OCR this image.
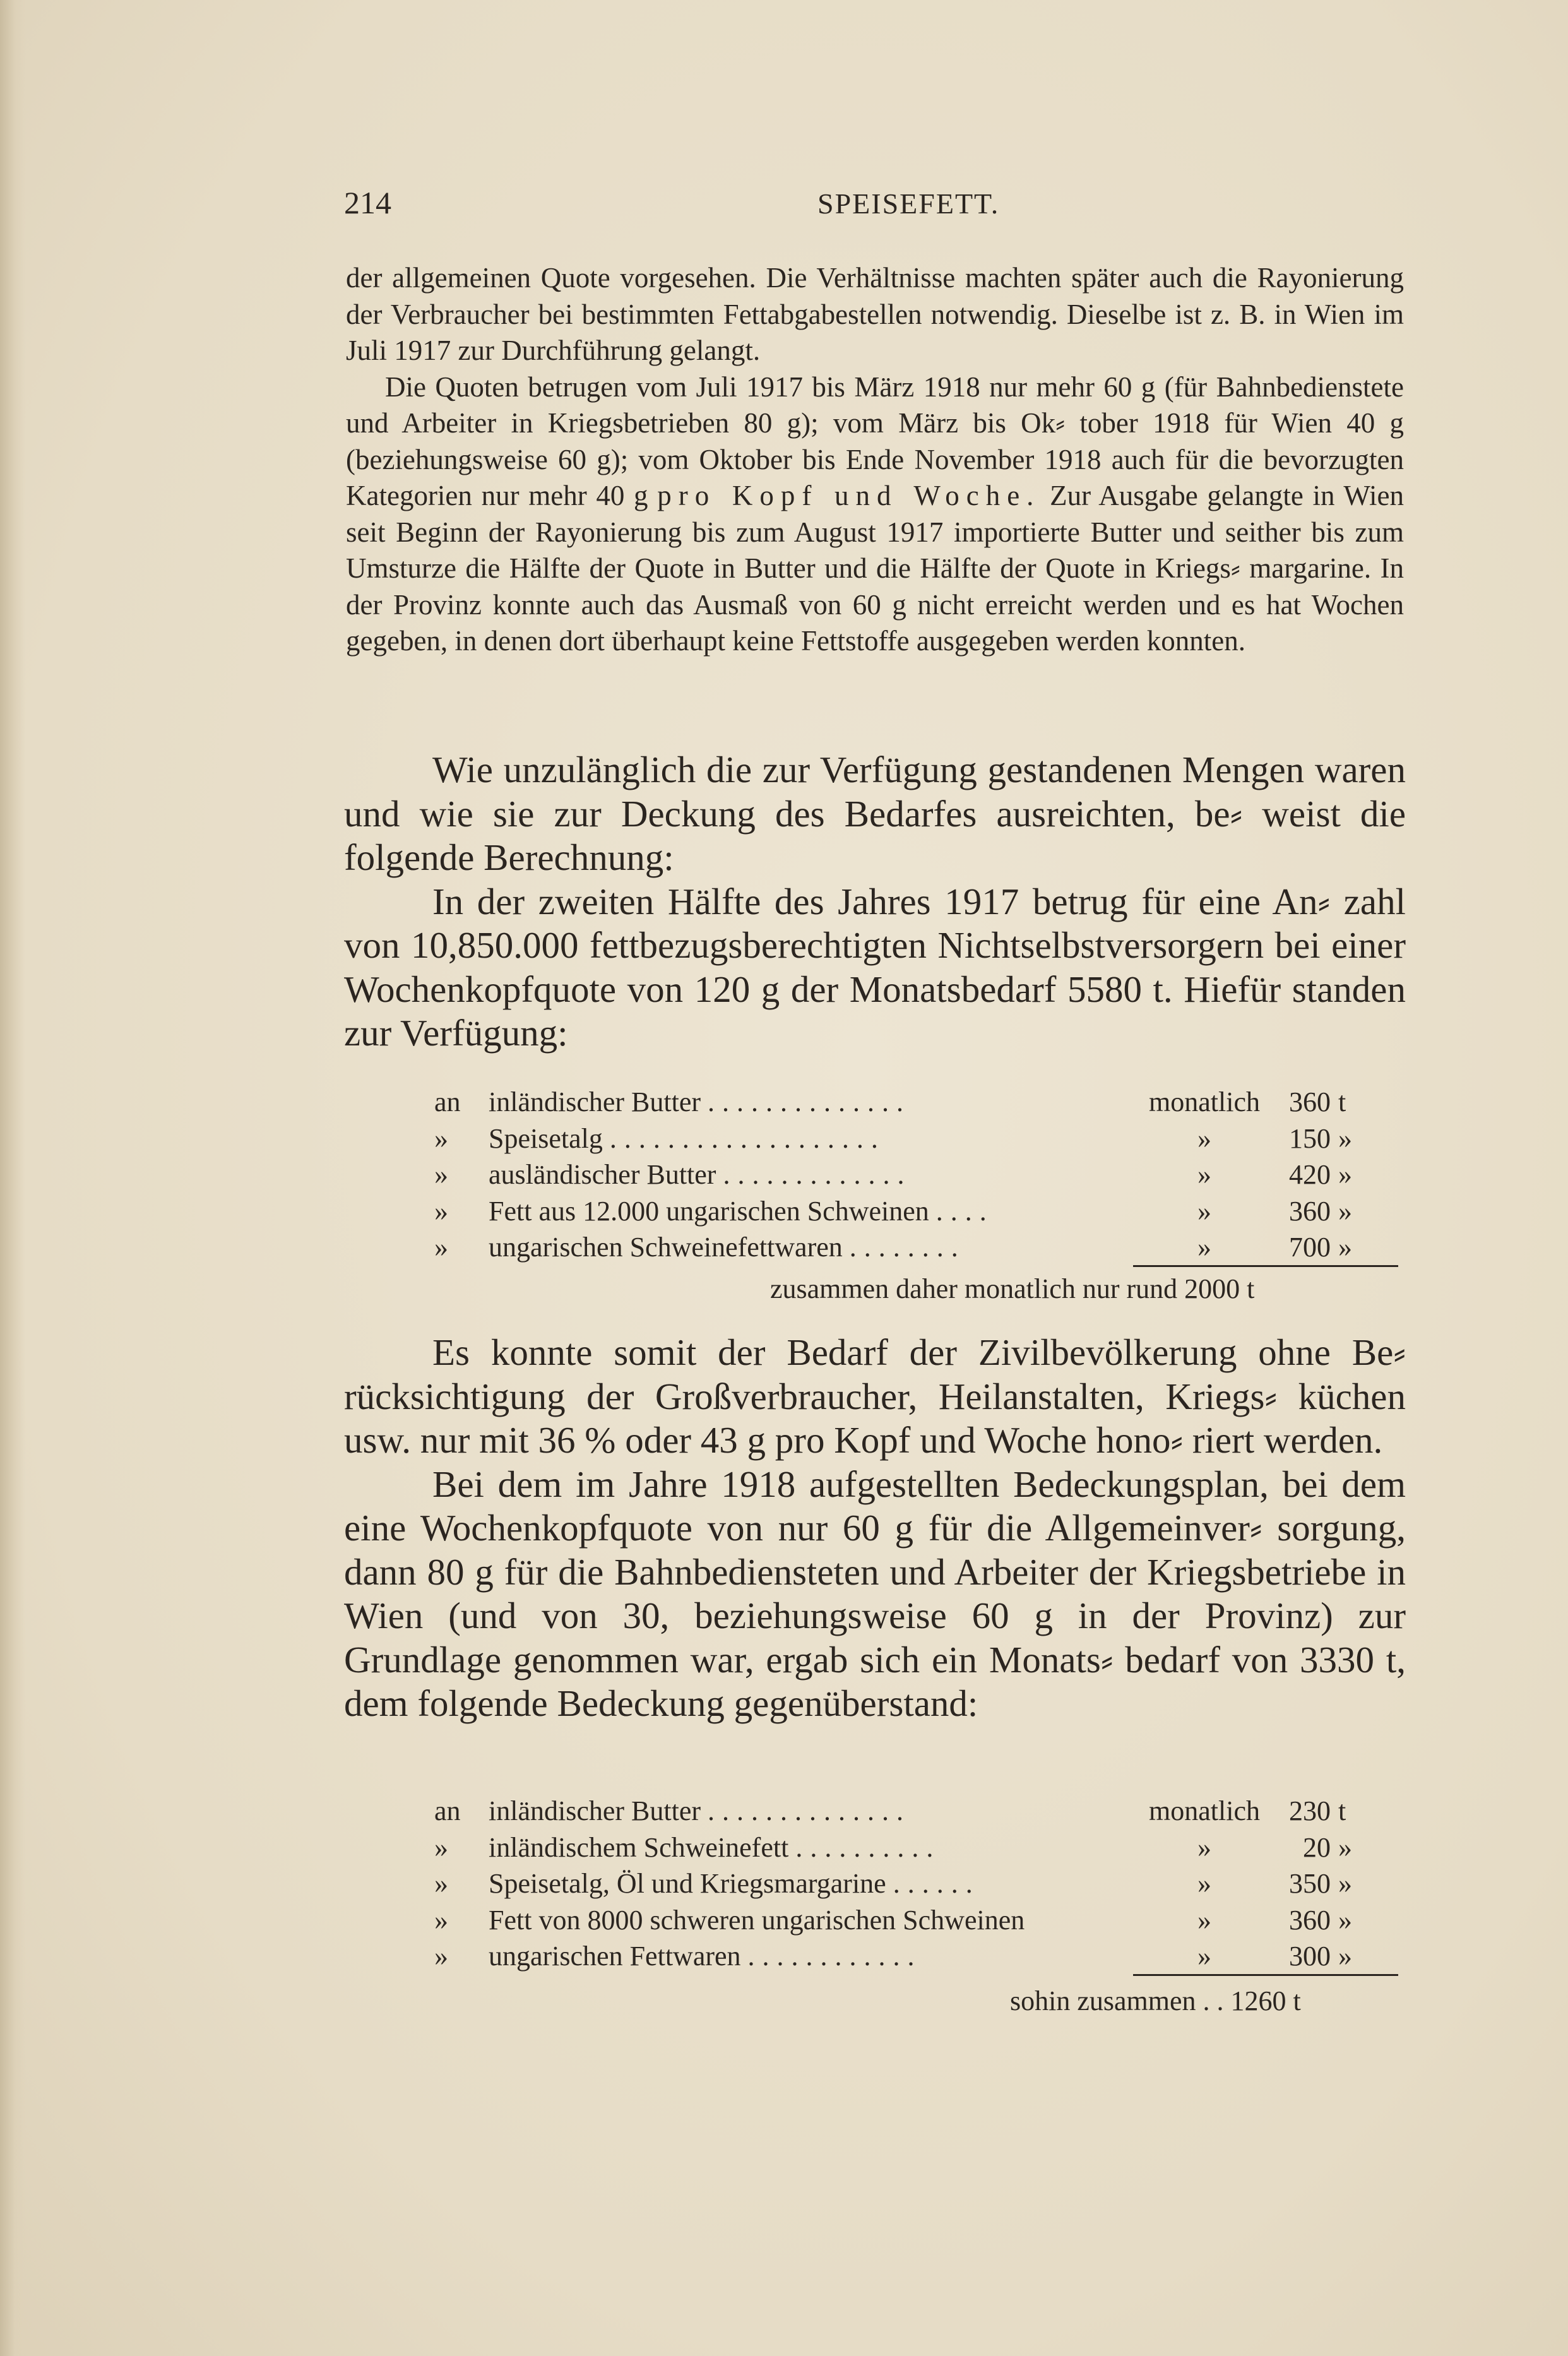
214	SPEISEFETT.

der allgemeinen Quote vorgesehen. Die Verhältnisse machten später auch die Rayonierung der Verbraucher bei bestimmten Fettabgabestellen notwendig. Dieselbe ist z. B. in Wien im Juli 1917 zur Durchführung gelangt.

Die Quoten betrugen vom Juli 1917 bis März 1918 nur mehr 60 g (für Bahnbedienstete und Arbeiter in Kriegsbetrieben 80 g); vom März bis Ok⸗ tober 1918 für Wien 40 g (beziehungsweise 60 g); vom Oktober bis Ende November 1918 auch für die bevorzugten Kategorien nur mehr 40 g pro Kopf und Woche. Zur Ausgabe gelangte in Wien seit Beginn der Rayonierung bis zum August 1917 importierte Butter und seither bis zum Umsturze die Hälfte der Quote in Butter und die Hälfte der Quote in Kriegs⸗ margarine. In der Provinz konnte auch das Ausmaß von 60 g nicht erreicht werden und es hat Wochen gegeben, in denen dort überhaupt keine Fettstoffe ausgegeben werden konnten.

Wie unzulänglich die zur Verfügung gestandenen Mengen waren und wie sie zur Deckung des Bedarfes ausreichten, be⸗ weist die folgende Berechnung:

In der zweiten Hälfte des Jahres 1917 betrug für eine An⸗ zahl von 10,850.000 fettbezugsberechtigten Nichtselbstversorgern bei einer Wochenkopfquote von 120 g der Monatsbedarf 5580 t. Hiefür standen zur Verfügung:

an	inländischer Butter ..............	monatlich	360 t
»	Speisetalg ...................	»	150 »
»	ausländischer Butter .............	»	420 »
»	Fett aus 12.000 ungarischen Schweinen ....	»	360 »
»	ungarischen Schweinefettwaren ........	»	700 »
zusammen daher monatlich nur rund 2000 t

Es konnte somit der Bedarf der Zivilbevölkerung ohne Be⸗ rücksichtigung der Großverbraucher, Heilanstalten, Kriegs⸗ küchen usw. nur mit 36 % oder 43 g pro Kopf und Woche hono⸗ riert werden.

Bei dem im Jahre 1918 aufgestellten Bedeckungsplan, bei dem eine Wochenkopfquote von nur 60 g für die Allgemeinver⸗ sorgung, dann 80 g für die Bahnbediensteten und Arbeiter der Kriegsbetriebe in Wien (und von 30, beziehungsweise 60 g in der Provinz) zur Grundlage genommen war, ergab sich ein Monats⸗ bedarf von 3330 t, dem folgende Bedeckung gegenüberstand:

an	inländischer Butter ..............	monatlich	230 t
»	inländischem Schweinefett ..........	»	20 »
»	Speisetalg, Öl und Kriegsmargarine ......	»	350 »
»	Fett von 8000 schweren ungarischen Schweinen	»	360 »
»	ungarischen Fettwaren ............	»	300 »
sohin zusammen . . 1260 t
